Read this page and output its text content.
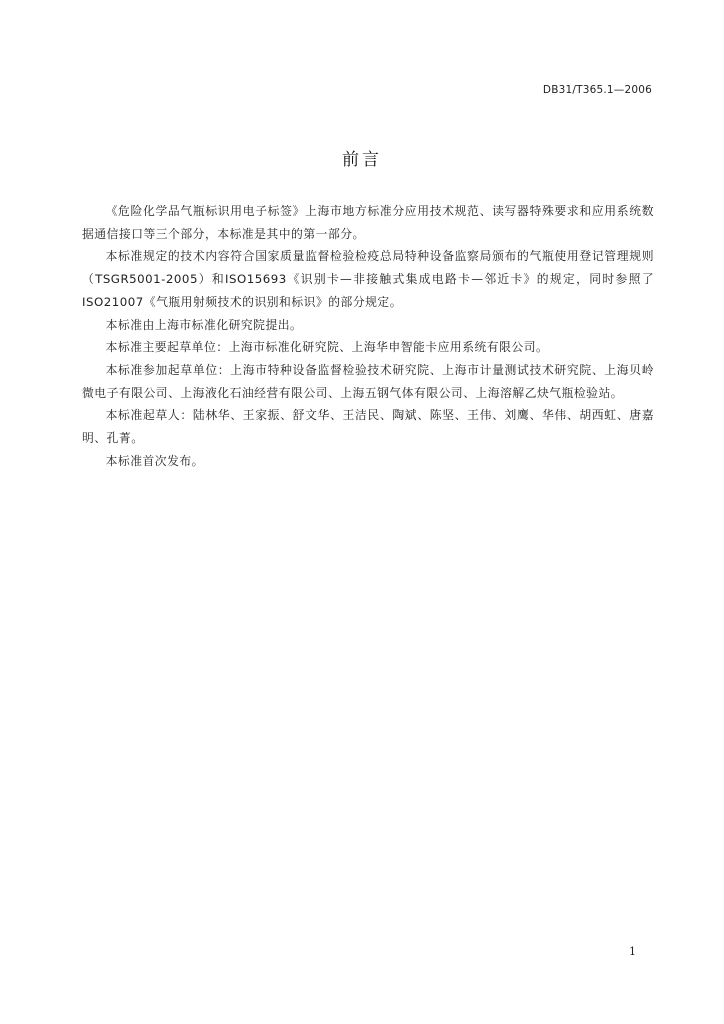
DB31/T365.1—2006
前言

《危险化学品气瓶标识用电子标签》上海市地方标准分应用技术规范、读写器特殊要求和应用系统数据通信接口等三个部分，本标准是其中的第一部分。

本标准规定的技术内容符合国家质量监督检验检疫总局特种设备监察局颁布的气瓶使用登记管理规则（TSGR5001-2005）和ISO15693《识别卡—非接触式集成电路卡—邻近卡》的规定，同时参照了ISO21007《气瓶用射频技术的识别和标识》的部分规定。

本标准由上海市标准化研究院提出。

本标准主要起草单位：上海市标准化研究院、上海华申智能卡应用系统有限公司。

本标准参加起草单位：上海市特种设备监督检验技术研究院、上海市计量测试技术研究院、上海贝岭微电子有限公司、上海液化石油经营有限公司、上海五钢气体有限公司、上海溶解乙炔气瓶检验站。

本标准起草人：陆林华、王家振、舒文华、王洁民、陶斌、陈坚、王伟、刘鹰、华伟、胡西虹、唐嘉明、孔菁。

本标准首次发布。

1
